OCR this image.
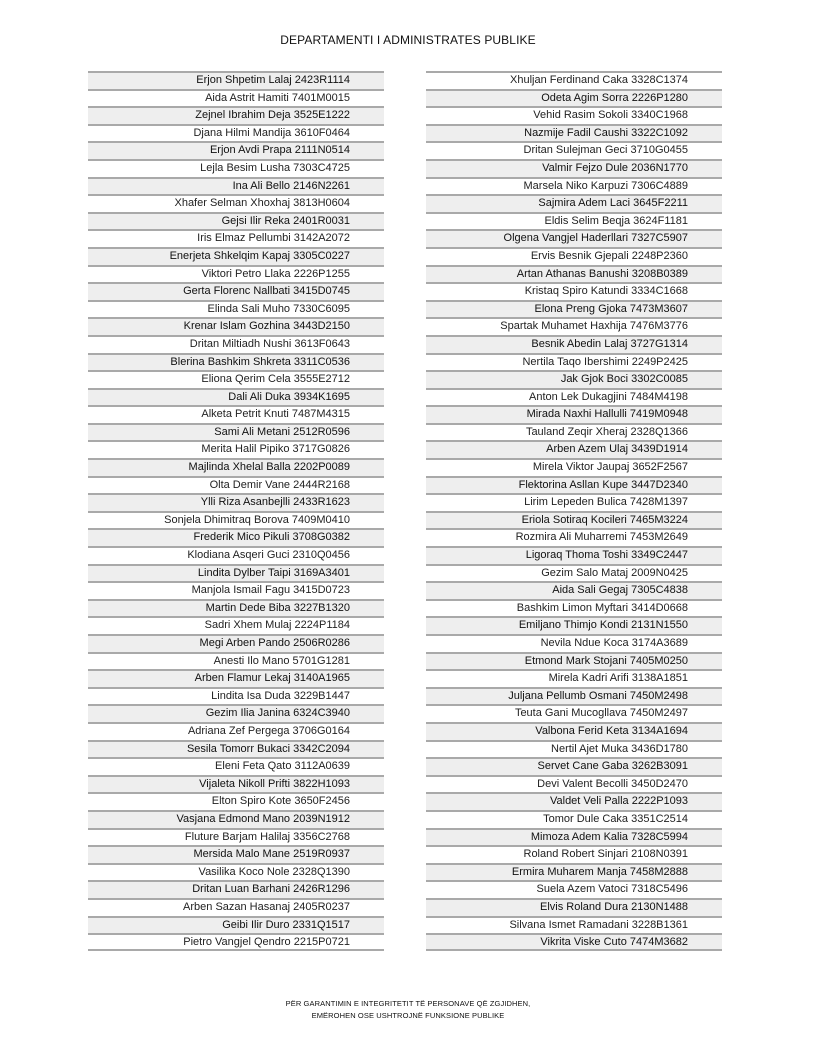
DEPARTAMENTI I ADMINISTRATES PUBLIKE
Erjon Shpetim Lalaj 2423R1114
Aida Astrit Hamiti 7401M0015
Zejnel Ibrahim Deja 3525E1222
Djana Hilmi Mandija 3610F0464
Erjon Avdi Prapa 2111N0514
Lejla Besim Lusha 7303C4725
Ina Ali Bello 2146N2261
Xhafer Selman Xhoxhaj 3813H0604
Gejsi Ilir Reka 2401R0031
Iris Elmaz Pellumbi 3142A2072
Enerjeta Shkelqim Kapaj 3305C0227
Viktori Petro Llaka 2226P1255
Gerta Florenc Nallbati 3415D0745
Elinda Sali Muho 7330C6095
Krenar Islam Gozhina 3443D2150
Dritan Miltiadh Nushi 3613F0643
Blerina Bashkim Shkreta 3311C0536
Eliona Qerim Cela 3555E2712
Dali Ali Duka 3934K1695
Alketa Petrit Knuti 7487M4315
Sami Ali Metani 2512R0596
Merita Halil Pipiko 3717G0826
Majlinda Xhelal Balla 2202P0089
Olta Demir Vane 2444R2168
Ylli Riza Asanbejlli 2433R1623
Sonjela Dhimitraq Borova 7409M0410
Frederik Mico Pikuli 3708G0382
Klodiana Asqeri Guci 2310Q0456
Lindita Dylber Taipi 3169A3401
Manjola Ismail Fagu 3415D0723
Martin Dede Biba 3227B1320
Sadri Xhem Mulaj 2224P1184
Megi Arben Pando 2506R0286
Anesti Ilo Mano 5701G1281
Arben Flamur Lekaj 3140A1965
Lindita Isa Duda 3229B1447
Gezim Ilia Janina 6324C3940
Adriana Zef Pergega 3706G0164
Sesila Tomorr Bukaci 3342C2094
Eleni Feta Qato 3112A0639
Vijaleta Nikoll Prifti 3822H1093
Elton Spiro Kote 3650F2456
Vasjana Edmond Mano 2039N1912
Fluture Barjam Halilaj 3356C2768
Mersida Malo Mane 2519R0937
Vasilika Koco Nole 2328Q1390
Dritan Luan Barhani 2426R1296
Arben Sazan Hasanaj 2405R0237
Geibi Ilir Duro 2331Q1517
Pietro Vangjel Qendro 2215P0721
Xhuljan Ferdinand Caka 3328C1374
Odeta Agim Sorra 2226P1280
Vehid Rasim Sokoli 3340C1968
Nazmije Fadil Caushi 3322C1092
Dritan Sulejman Geci 3710G0455
Valmir Fejzo Dule 2036N1770
Marsela Niko Karpuzi 7306C4889
Sajmira Adem Laci 3645F2211
Eldis Selim Beqja 3624F1181
Olgena Vangjel Haderllari 7327C5907
Ervis Besnik Gjepali 2248P2360
Artan Athanas Banushi 3208B0389
Kristaq Spiro Katundi 3334C1668
Elona Preng Gjoka 7473M3607
Spartak Muhamet Haxhija 7476M3776
Besnik Abedin Lalaj 3727G1314
Nertila Taqo Ibershimi 2249P2425
Jak Gjok Boci 3302C0085
Anton Lek Dukagjini 7484M4198
Mirada Naxhi Hallulli 7419M0948
Tauland Zeqir Xheraj 2328Q1366
Arben Azem Ulaj 3439D1914
Mirela Viktor Jaupaj 3652F2567
Flektorina Asllan Kupe 3447D2340
Lirim Lepeden Bulica 7428M1397
Eriola Sotiraq Kocileri 7465M3224
Rozmira Ali Muharremi 7453M2649
Ligoraq Thoma Toshi 3349C2447
Gezim Salo Mataj 2009N0425
Aida Sali Gegaj 7305C4838
Bashkim Limon Myftari 3414D0668
Emiljano Thimjo Kondi 2131N1550
Nevila Ndue Koca 3174A3689
Etmond Mark Stojani 7405M0250
Mirela Kadri Arifi 3138A1851
Juljana Pellumb Osmani 7450M2498
Teuta Gani Mucogllava 7450M2497
Valbona Ferid Keta 3134A1694
Nertil Ajet Muka 3436D1780
Servet Cane Gaba 3262B3091
Devi Valent Becolli 3450D2470
Valdet Veli Palla 2222P1093
Tomor Dule Caka 3351C2514
Mimoza Adem Kalia 7328C5994
Roland Robert Sinjari 2108N0391
Ermira Muharem Manja 7458M2888
Suela Azem Vatoci 7318C5496
Elvis Roland Dura 2130N1488
Silvana Ismet Ramadani 3228B1361
Vikrita Viske Cuto 7474M3682
PËR GARANTIMIN E INTEGRITETIT TË PERSONAVE QË ZGJIDHEN,
EMËROHEN OSE USHTROJNË FUNKSIONE PUBLIKE
